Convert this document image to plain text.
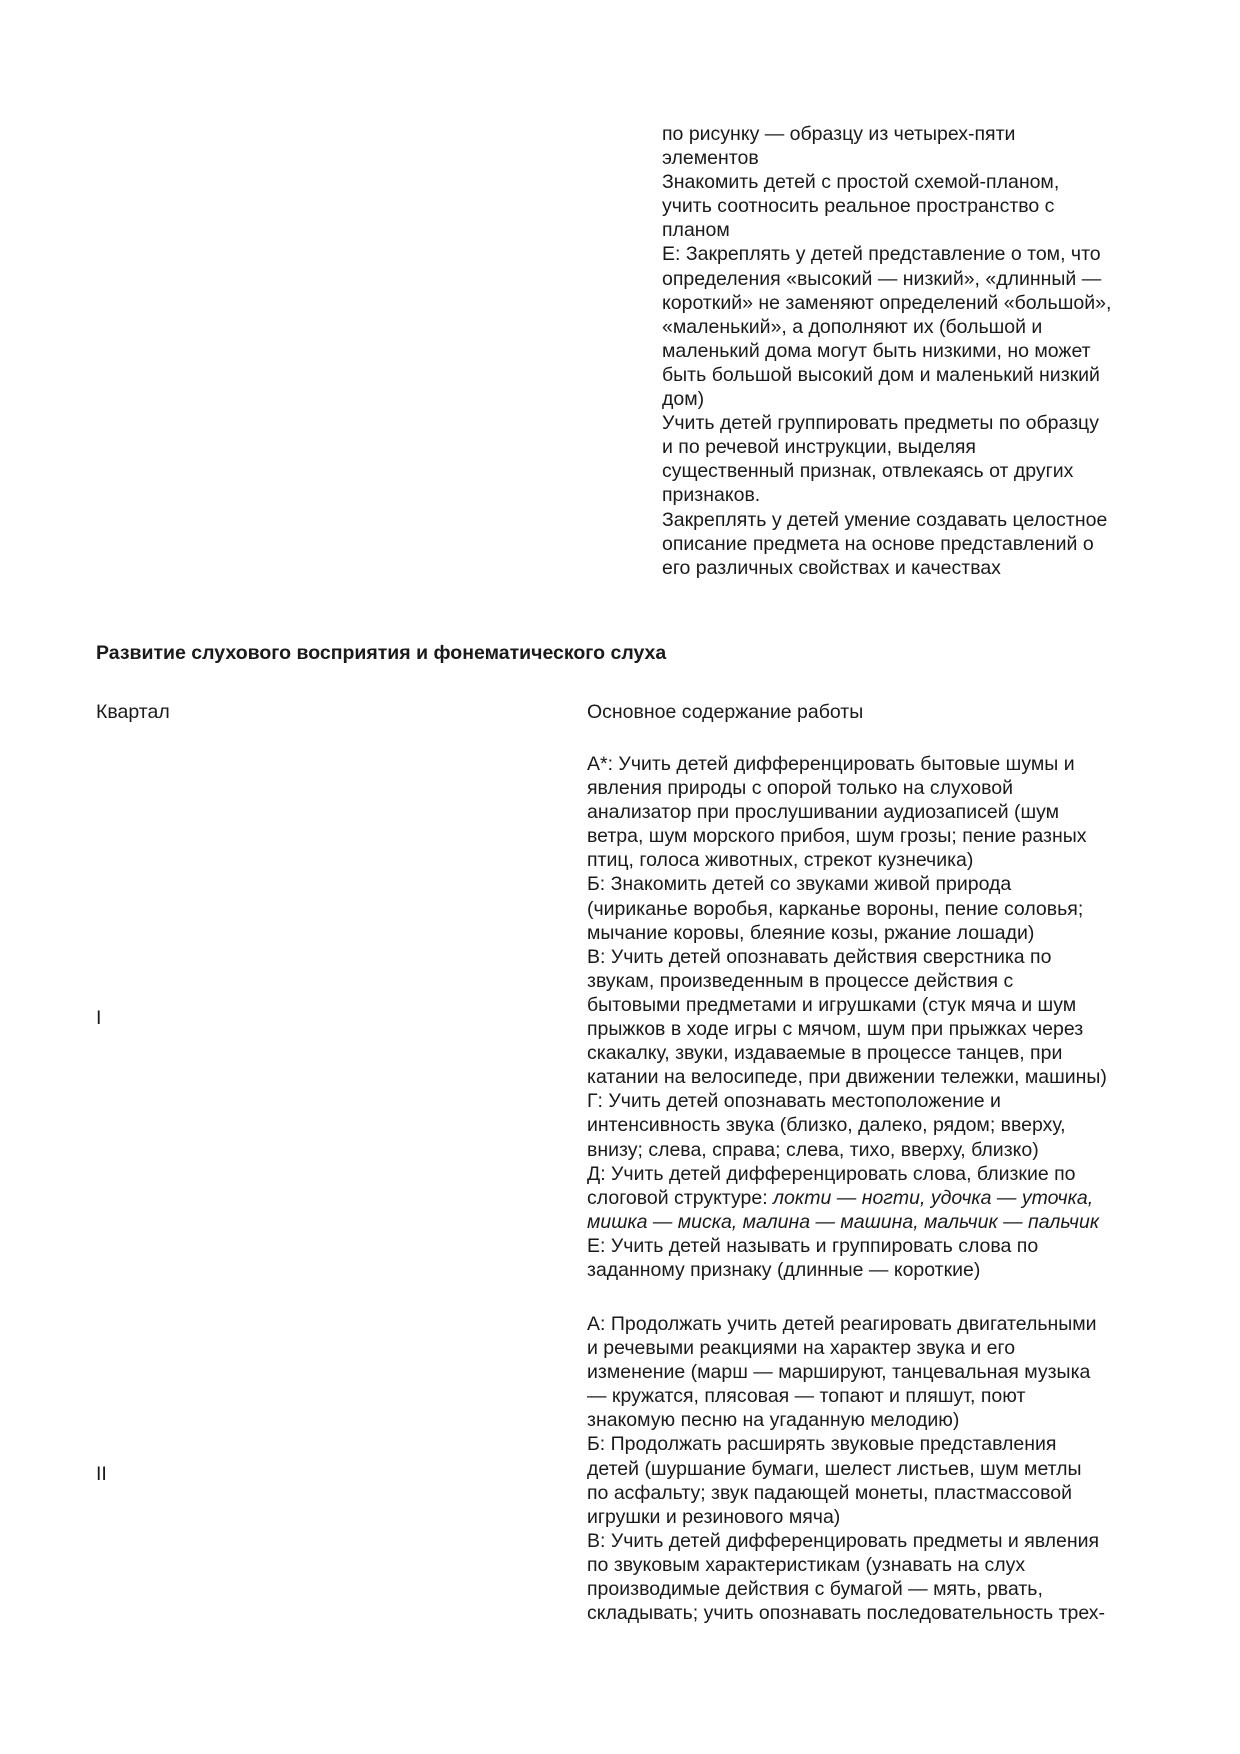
по рисунку — образцу из четырех-пяти
элементов
Знакомить детей с простой схемой-планом,
учить соотносить реальное пространство с
планом
Е: Закреплять у детей представление о том, что
определения «высокий — низкий», «длинный —
короткий» не заменяют определений «большой»,
«маленький», а дополняют их (большой и
маленький дома могут быть низкими, но может
быть большой высокий дом и маленький низкий
дом)
Учить детей группировать предметы по образцу
и по речевой инструкции, выделяя
существенный признак, отвлекаясь от других
признаков.
Закреплять у детей умение создавать целостное
описание предмета на основе представлений о
его различных свойствах и качествах
Развитие слухового восприятия и фонематического слуха
Квартал	Основное содержание работы
I
А*: Учить детей дифференцировать бытовые шумы и
явления природы с опорой только на слуховой
анализатор при прослушивании аудиозаписей (шум
ветра, шум морского прибоя, шум грозы; пение разных
птиц, голоса животных, стрекот кузнечика)
Б: Знакомить детей со звуками живой природа
(чириканье воробья, карканье вороны, пение соловья;
мычание коровы, блеяние козы, ржание лошади)
В: Учить детей опознавать действия сверстника по
звукам, произведенным в процессе действия с
бытовыми предметами и игрушками (стук мяча и шум
прыжков в ходе игры с мячом, шум при прыжках через
скакалку, звуки, издаваемые в процессе танцев, при
катании на велосипеде, при движении тележки, машины)
Г: Учить детей опознавать местоположение и
интенсивность звука (близко, далеко, рядом; вверху,
внизу; слева, справа; слева, тихо, вверху, близко)
Д: Учить детей дифференцировать слова, близкие по
слоговой структуре: локти — ногти, удочка — уточка,
мишка — миска, малина — машина, мальчик — пальчик
Е: Учить детей называть и группировать слова по
заданному признаку (длинные — короткие)
II
А: Продолжать учить детей реагировать двигательными
и речевыми реакциями на характер звука и его
изменение (марш — маршируют, танцевальная музыка
— кружатся, плясовая — топают и пляшут, поют
знакомую песню на угаданную мелодию)
Б: Продолжать расширять звуковые представления
детей (шуршание бумаги, шелест листьев, шум метлы
по асфальту; звук падающей монеты, пластмассовой
игрушки и резинового мяча)
В: Учить детей дифференцировать предметы и явления
по звуковым характеристикам (узнавать на слух
производимые действия с бумагой — мять, рвать,
складывать; учить опознавать последовательность трех-
